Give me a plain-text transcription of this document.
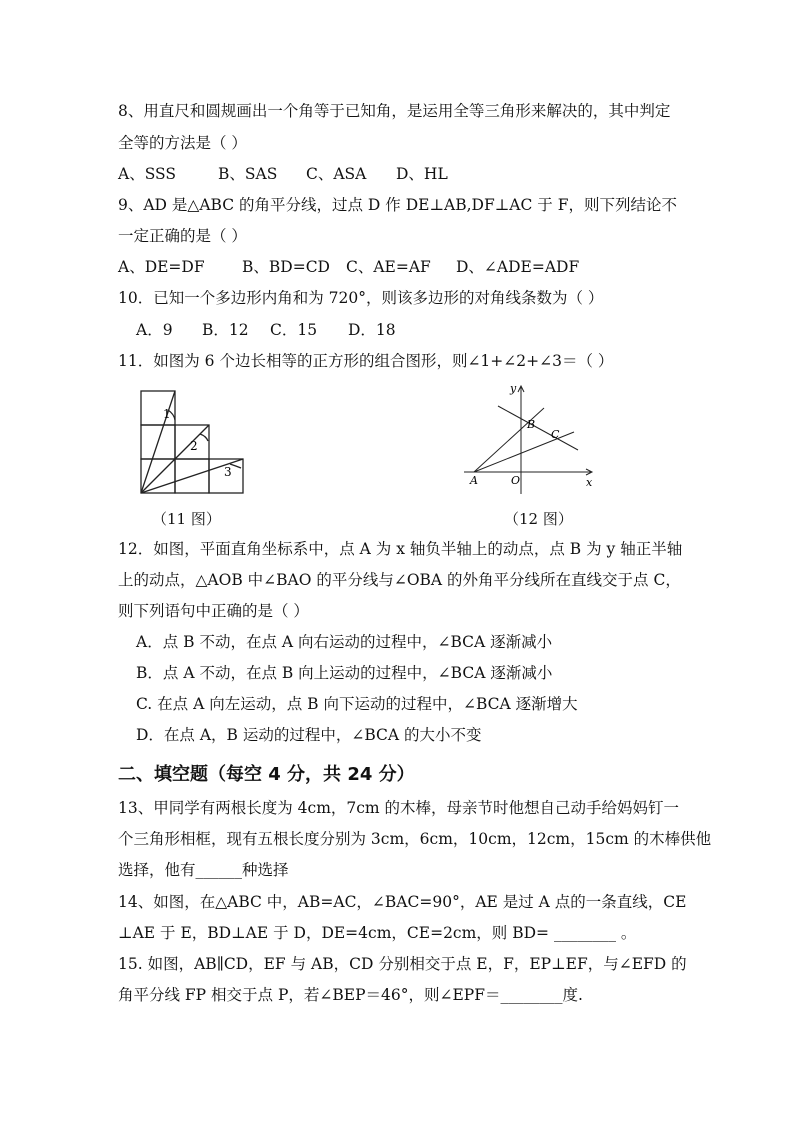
8、用直尺和圆规画出一个角等于已知角，是运用全等三角形来解决的，其中判定
全等的方法是（ ）
A、SSS	B、SAS C、ASA D、HL
9、AD 是△ABC 的角平分线，过点 D 作 DE⊥AB,DF⊥AC 于 F，则下列结论不
一定正确的是（ ）
A、DE=DF B、BD=CD C、AE=AF D、∠ADE=ADF
10．已知一个多边形内角和为 720°，则该多边形的对角线条数为（ ）
A．9 B．12 C．15 D．18
11．如图为 6 个边长相等的正方形的组合图形，则∠1+∠2+∠3＝（ ）
1
2
3
y
x
A	O
B
C
（11 图）	（12 图）
12．如图，平面直角坐标系中，点 A 为 x 轴负半轴上的动点，点 B 为 y 轴正半轴
上的动点，△AOB 中∠BAO 的平分线与∠OBA 的外角平分线所在直线交于点 C，
则下列语句中正确的是（ ）
A．点 B 不动，在点 A 向右运动的过程中，∠BCA 逐渐减小
B．点 A 不动，在点 B 向上运动的过程中，∠BCA 逐渐减小
C. 在点 A 向左运动，点 B 向下运动的过程中，∠BCA 逐渐增大
D．在点 A，B 运动的过程中，∠BCA 的大小不变
二、填空题（每空 4 分，共 24 分）
13、甲同学有两根长度为 4cm，7cm 的木棒，母亲节时他想自己动手给妈妈钉一
个三角形相框，现有五根长度分别为 3cm，6cm，10cm，12cm，15cm 的木棒供他
选择，他有______种选择
14、如图，在△ABC 中，AB=AC，∠BAC=90°，AE 是过 A 点的一条直线，CE
⊥AE 于 E，BD⊥AE 于 D，DE=4cm，CE=2cm，则 BD= ________ 。
15. 如图，AB∥CD，EF 与 AB，CD 分别相交于点 E，F，EP⊥EF，与∠EFD 的
角平分线 FP 相交于点 P，若∠BEP＝46°，则∠EPF＝________度.
